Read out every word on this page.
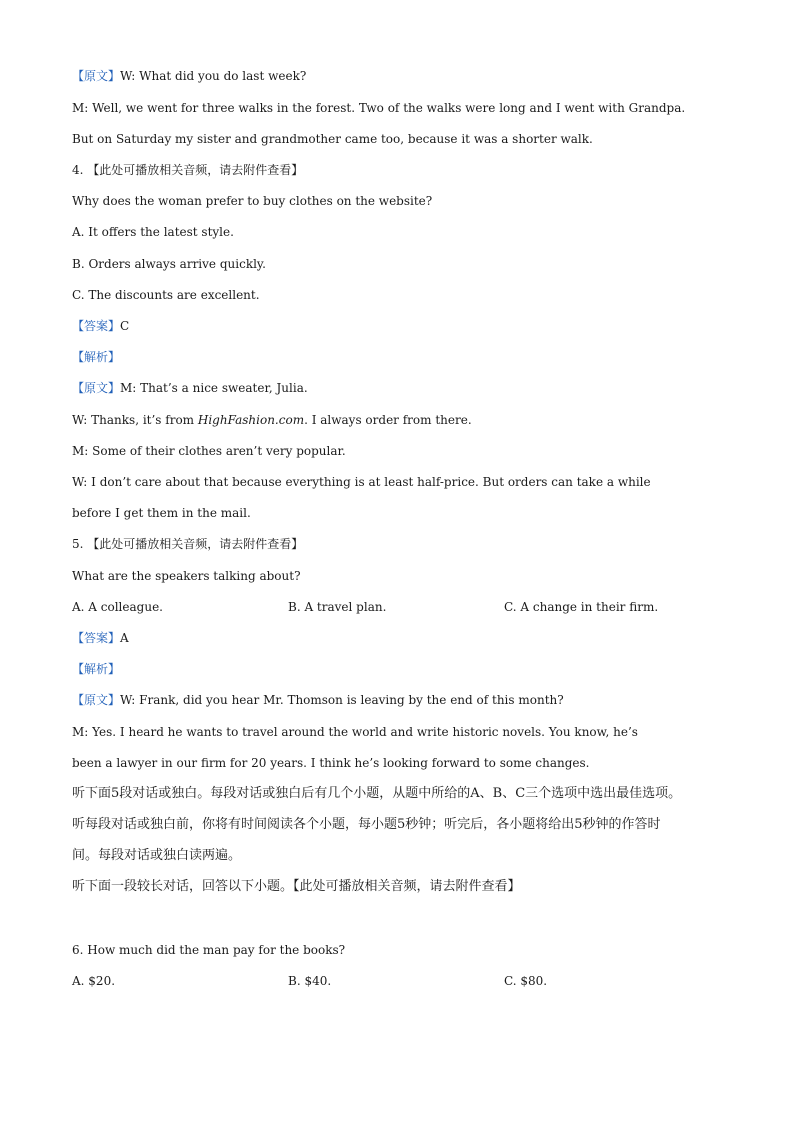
【原文】W: What did you do last week?
M: Well, we went for three walks in the forest. Two of the walks were long and I went with Grandpa.
But on Saturday my sister and grandmother came too, because it was a shorter walk.
4. 【此处可播放相关音频，请去附件查看】
Why does the woman prefer to buy clothes on the website?
A. It offers the latest style.
B. Orders always arrive quickly.
C. The discounts are excellent.
【答案】C
【解析】
【原文】M: That’s a nice sweater, Julia.
W: Thanks, it’s from HighFashion.com. I always order from there.
M: Some of their clothes aren’t very popular.
W: I don’t care about that because everything is at least half-price. But orders can take a while
before I get them in the mail.
5. 【此处可播放相关音频，请去附件查看】
What are the speakers talking about?
A. A colleague.	B. A travel plan.	C. A change in their firm.
【答案】A
【解析】
【原文】W: Frank, did you hear Mr. Thomson is leaving by the end of this month?
M: Yes. I heard he wants to travel around the world and write historic novels. You know, he’s
been a lawyer in our firm for 20 years. I think he’s looking forward to some changes.
听下面5段对话或独白。每段对话或独白后有几个小题，从题中所给的A、B、C三个选项中选出最佳选项。
听每段对话或独白前，你将有时间阅读各个小题，每小题5秒钟；听完后，各小题将给出5秒钟的作答时
间。每段对话或独白读两遍。
听下面一段较长对话，回答以下小题。【此处可播放相关音频，请去附件查看】
6. How much did the man pay for the books?
A. $20.	B. $40.	C. $80.
